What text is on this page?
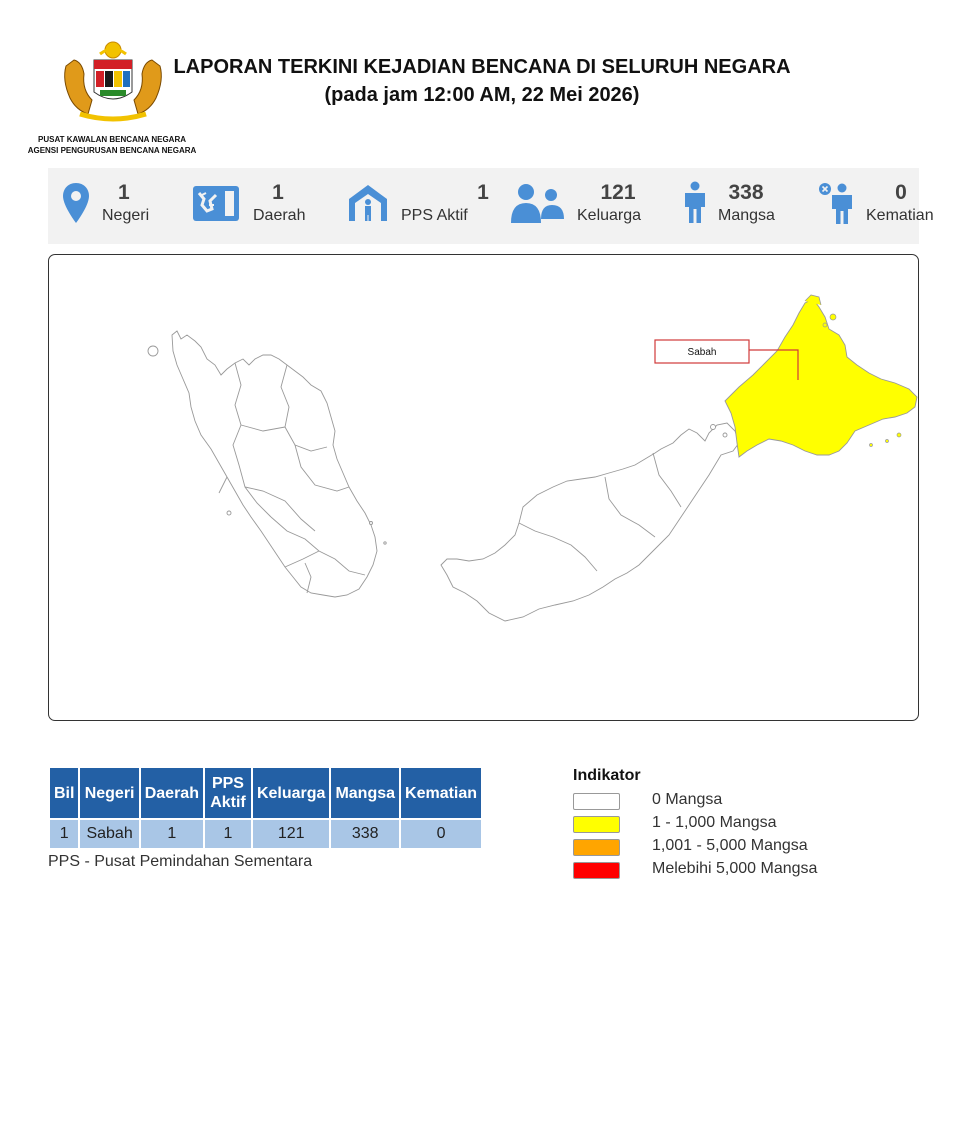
PUSAT KAWALAN BENCANA NEGARA
AGENSI PENGURUSAN BENCANA NEGARA
LAPORAN TERKINI KEJADIAN BENCANA DI SELURUH NEGARA
(pada jam 12:00 AM, 22 Mei 2026)
1
Negeri
1
Daerah
1
PPS Aktif
121
Keluarga
338
Mangsa
0
Kematian
Sabah
Bil	Negeri	Daerah	PPS Aktif	Keluarga	Mangsa	Kematian
1	Sabah	1	1	121	338	0
PPS - Pusat Pemindahan Sementara
Indikator
0 Mangsa
1 - 1,000 Mangsa
1,001 - 5,000 Mangsa
Melebihi 5,000 Mangsa
